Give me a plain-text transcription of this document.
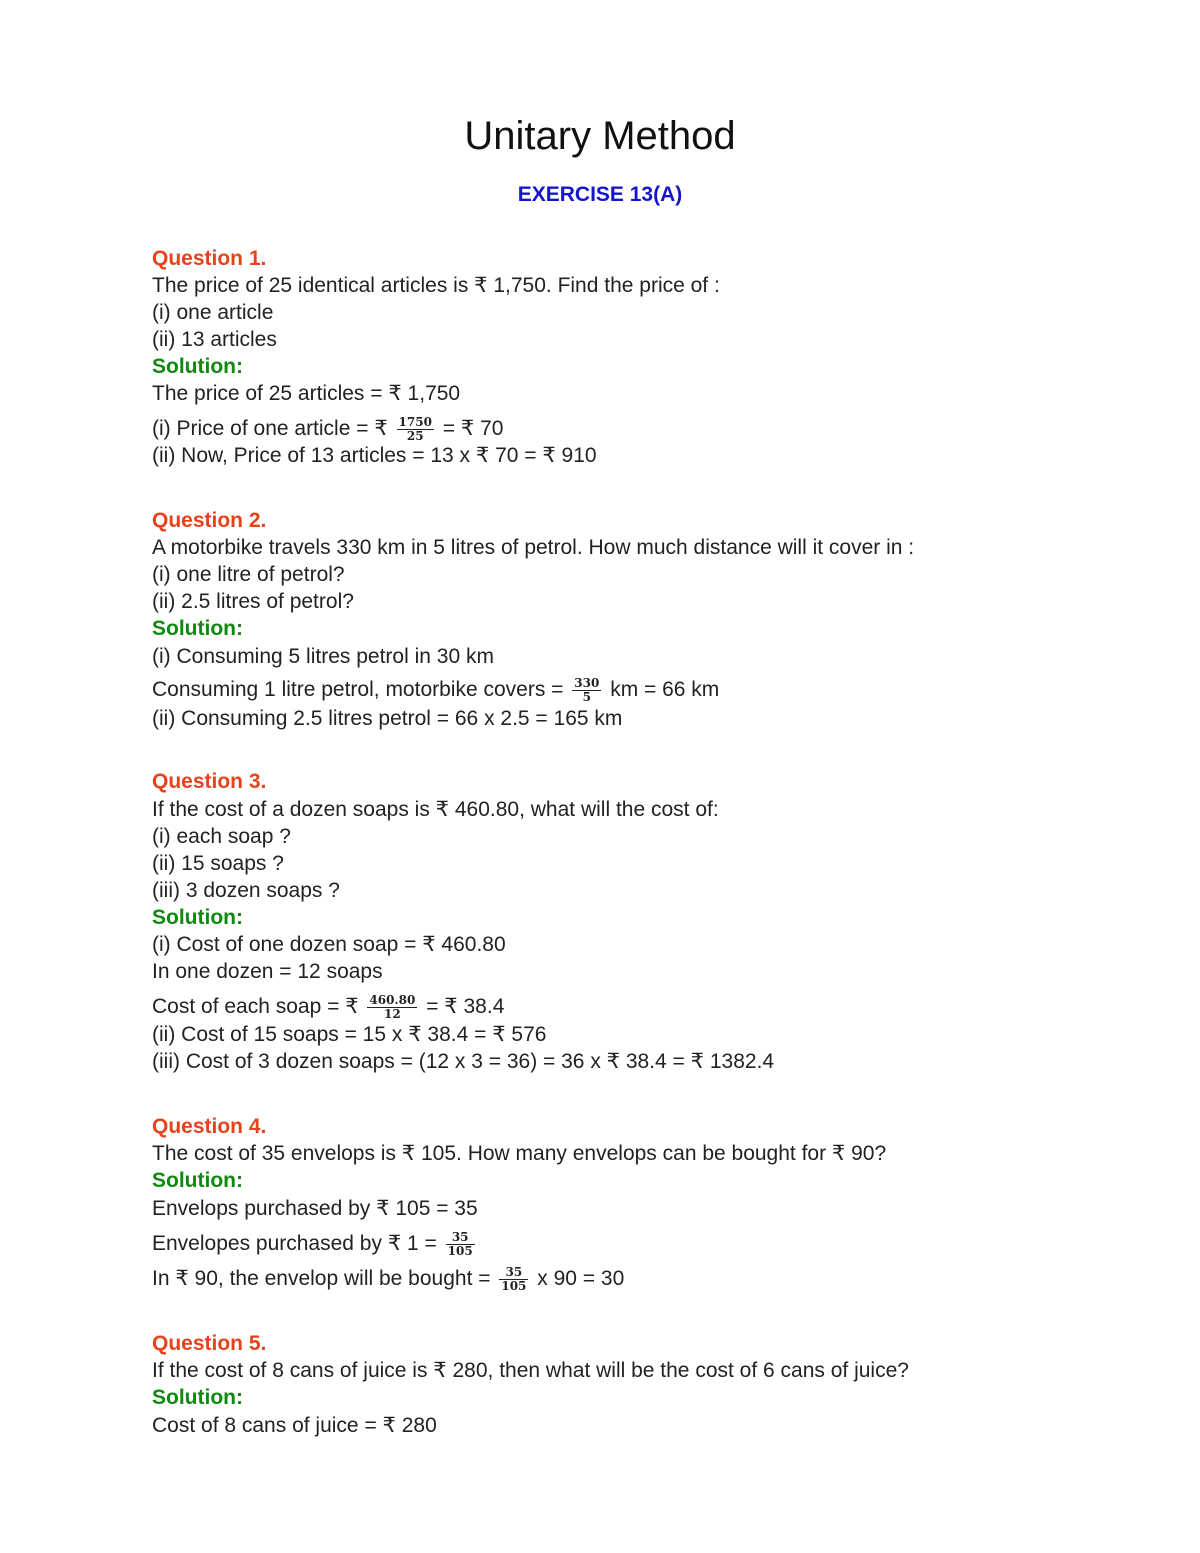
Unitary Method
EXERCISE 13(A)
Question 1.
The price of 25 identical articles is ₹ 1,750. Find the price of :
(i) one article
(ii) 13 articles
Solution:
The price of 25 articles = ₹ 1,750
(i) Price of one article = ₹ $\frac{1750}{25}$ = ₹ 70
(ii) Now, Price of 13 articles = 13 x ₹ 70 = ₹ 910
Question 2.
A motorbike travels 330 km in 5 litres of petrol. How much distance will it cover in :
(i) one litre of petrol?
(ii) 2.5 litres of petrol?
Solution:
(i) Consuming 5 litres petrol in 30 km
Consuming 1 litre petrol, motorbike covers = $\frac{330}{5}$ km = 66 km
(ii) Consuming 2.5 litres petrol = 66 x 2.5 = 165 km
Question 3.
If the cost of a dozen soaps is ₹ 460.80, what will the cost of:
(i) each soap ?
(ii) 15 soaps ?
(iii) 3 dozen soaps ?
Solution:
(i) Cost of one dozen soap = ₹ 460.80
In one dozen = 12 soaps
Cost of each soap = ₹ $\frac{460.80}{12}$ = ₹ 38.4
(ii) Cost of 15 soaps = 15 x ₹ 38.4 = ₹ 576
(iii) Cost of 3 dozen soaps = (12 x 3 = 36) = 36 x ₹ 38.4 = ₹ 1382.4
Question 4.
The cost of 35 envelops is ₹ 105. How many envelops can be bought for ₹ 90?
Solution:
Envelops purchased by ₹ 105 = 35
Envelopes purchased by ₹ $1 = \frac{35}{105}$
In ₹ 90, the envelop will be bought = $\frac{35}{105}$ x 90 = 30
Question 5.
If the cost of 8 cans of juice is ₹ 280, then what will be the cost of 6 cans of juice?
Solution:
Cost of 8 cans of juice = ₹ 280
